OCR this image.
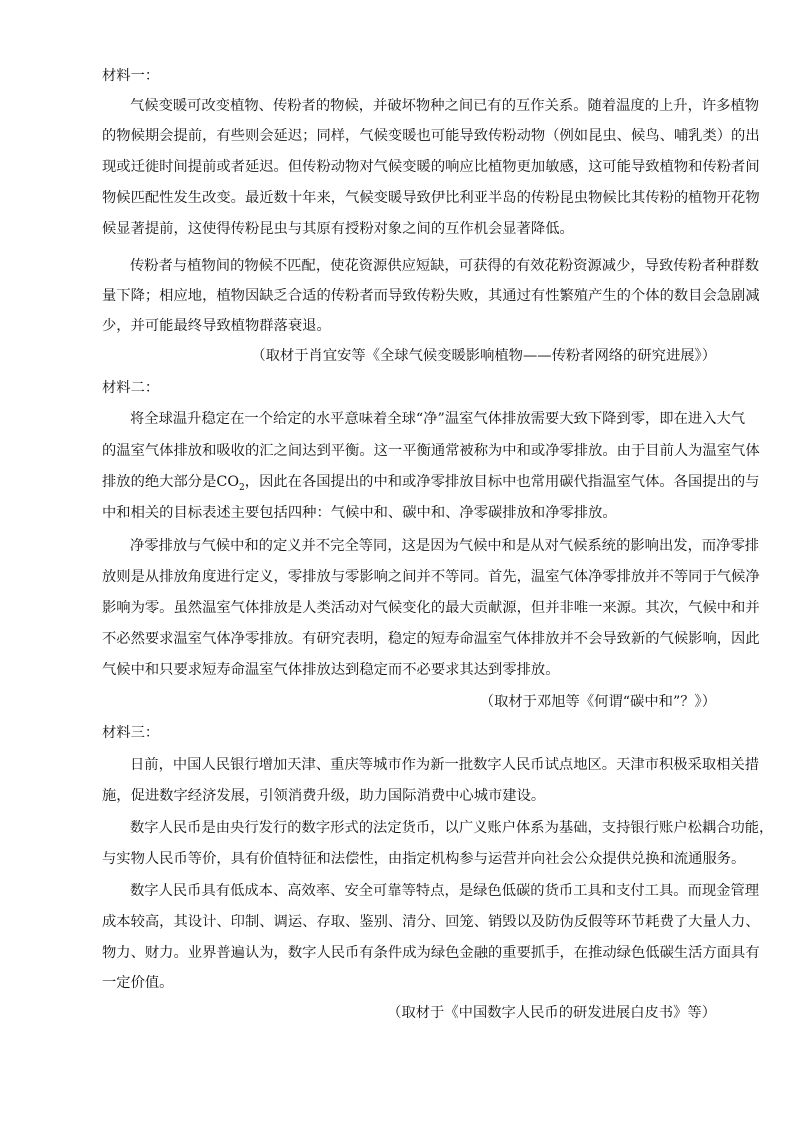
材料一：
气候变暖可改变植物、传粉者的物候，并破坏物种之间已有的互作关系。随着温度的上升，许多植物
的物候期会提前，有些则会延迟；同样，气候变暖也可能导致传粉动物（例如昆虫、候鸟、哺乳类）的出
现或迁徙时间提前或者延迟。但传粉动物对气候变暖的响应比植物更加敏感，这可能导致植物和传粉者间
物候匹配性发生改变。最近数十年来，气候变暖导致伊比利亚半岛的传粉昆虫物候比其传粉的植物开花物
候显著提前，这使得传粉昆虫与其原有授粉对象之间的互作机会显著降低。
传粉者与植物间的物候不匹配，使花资源供应短缺，可获得的有效花粉资源减少，导致传粉者种群数
量下降；相应地，植物因缺乏合适的传粉者而导致传粉失败，其通过有性繁殖产生的个体的数目会急剧减
少，并可能最终导致植物群落衰退。
（取材于肖宜安等《全球气候变暖影响植物——传粉者网络的研究进展》）
材料二：
将全球温升稳定在一个给定的水平意味着全球“净”温室气体排放需要大致下降到零，即在进入大气
的温室气体排放和吸收的汇之间达到平衡。这一平衡通常被称为中和或净零排放。由于目前人为温室气体
排放的绝大部分是$CO_2$，因此在各国提出的中和或净零排放目标中也常用碳代指温室气体。各国提出的与
中和相关的目标表述主要包括四种：气候中和、碳中和、净零碳排放和净零排放。
净零排放与气候中和的定义并不完全等同，这是因为气候中和是从对气候系统的影响出发，而净零排
放则是从排放角度进行定义，零排放与零影响之间并不等同。首先，温室气体净零排放并不等同于气候净
影响为零。虽然温室气体排放是人类活动对气候变化的最大贡献源，但并非唯一来源。其次，气候中和并
不必然要求温室气体净零排放。有研究表明，稳定的短寿命温室气体排放并不会导致新的气候影响，因此
气候中和只要求短寿命温室气体排放达到稳定而不必要求其达到零排放。
（取材于邓旭等《何谓“碳中和”？》）
材料三：
日前，中国人民银行增加天津、重庆等城市作为新一批数字人民币试点地区。天津市积极采取相关措
施，促进数字经济发展，引领消费升级，助力国际消费中心城市建设。
数字人民币是由央行发行的数字形式的法定货币，以广义账户体系为基础，支持银行账户松耦合功能，
与实物人民币等价，具有价值特征和法偿性，由指定机构参与运营并向社会公众提供兑换和流通服务。
数字人民币具有低成本、高效率、安全可靠等特点，是绿色低碳的货币工具和支付工具。而现金管理
成本较高，其设计、印制、调运、存取、鉴别、清分、回笼、销毁以及防伪反假等环节耗费了大量人力、
物力、财力。业界普遍认为，数字人民币有条件成为绿色金融的重要抓手，在推动绿色低碳生活方面具有
一定价值。
（取材于《中国数字人民币的研发进展白皮书》等）
